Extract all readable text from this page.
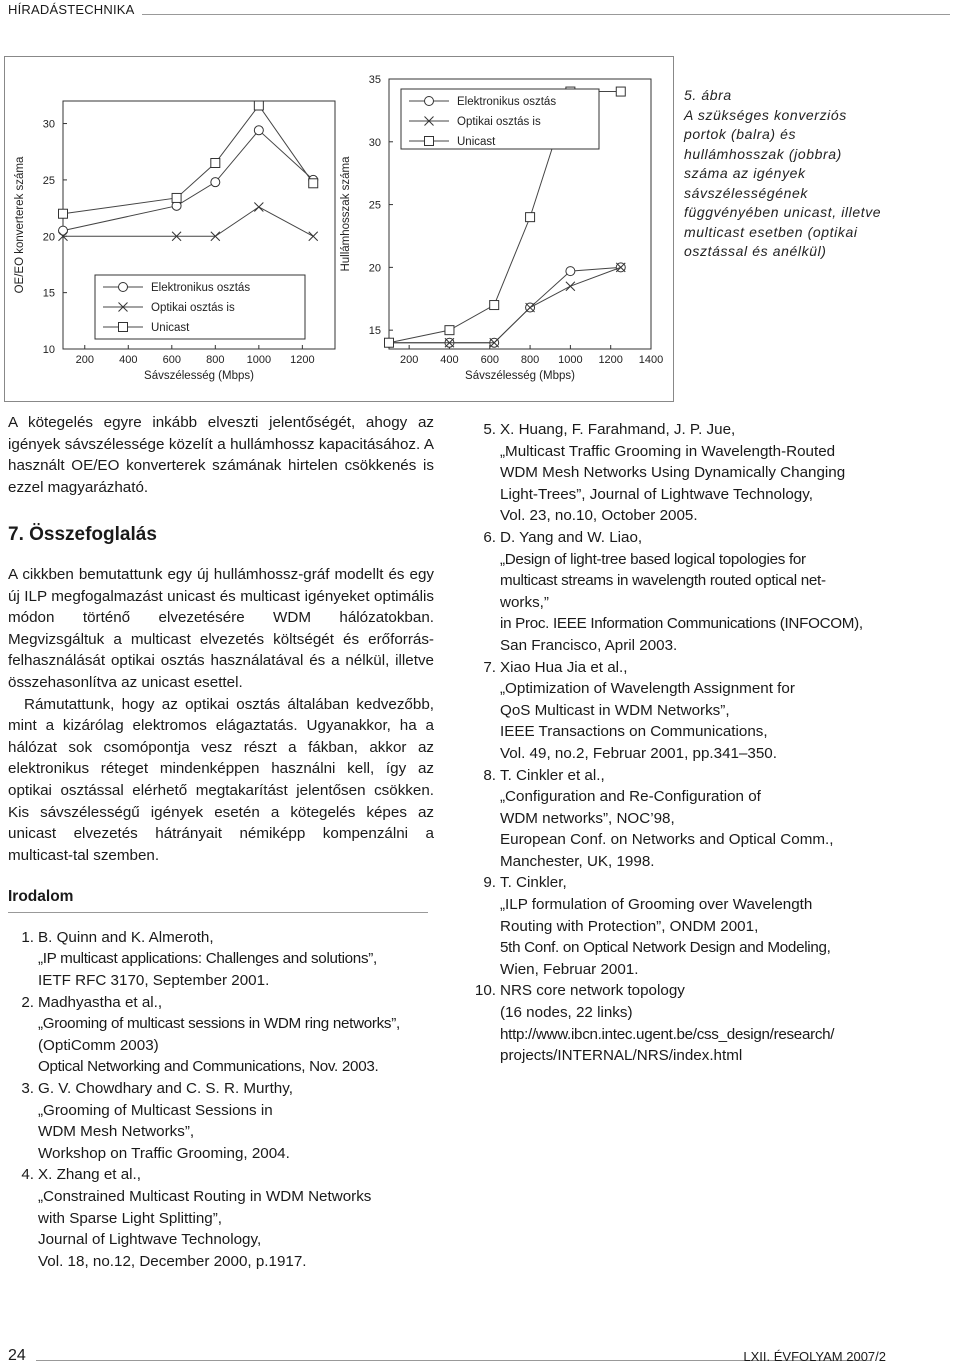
HÍRADÁSTECHNIKA
200 400 600 800 1000 1200
10
15
20
25
30
Sávszélesség (Mbps)
OE/EO konverterek száma	Elektronikus osztás
Optikai osztás is
Unicast
200 400 600 800 1000 1200 1400
15
20
25
30
35
Sávszélesség (Mbps)
Hullámhosszak száma
Elektronikus osztás
Optikai osztás is
Unicast
5. ábra
A szükséges konverziós portok (balra) és hullámhosszak (jobbra) száma az igények sávszélességének függvényében unicast, illetve multicast esetben (optikai osztással és anélkül)

A kötegelés egyre inkább elveszti jelentőségét, ahogy az igények sávszélessége közelít a hullámhossz kapacitásához. A használt OE/EO konverterek számának hirtelen csökkenés is ezzel magyarázható.

7. Összefoglalás

A cikkben bemutattunk egy új hullámhossz-gráf modellt és egy új ILP megfogalmazást unicast és multicast igényeket optimális módon történő elvezetésére WDM hálózatokban. Megvizsgáltuk a multicast elvezetés költségét és erőforrás-felhasználását optikai osztás használatával és a nélkül, illetve összehasonlítva az unicast esettel.

Rámutattunk, hogy az optikai osztás általában kedvezőbb, mint a kizárólag elektromos elágaztatás. Ugyanakkor, ha a hálózat sok csomópontja vesz részt a fákban, akkor az elektronikus réteget mindenképpen használni kell, így az optikai osztással elérhető megtakarítást jelentősen csökken. Kis sávszélességű igények esetén a kötegelés képes az unicast elvezetés hátrányait némiképp kompenzálni a multicast-tal szemben.

Irodalom
1. B. Quinn and K. Almeroth,
„IP multicast applications: Challenges and solutions”,
IETF RFC 3170, September 2001.
2. Madhyastha et al.,
„Grooming of multicast sessions in WDM ring networks”,
(OptiComm 2003)
Optical Networking and Communications, Nov. 2003.
3. G. V. Chowdhary and C. S. R. Murthy,
„Grooming of Multicast Sessions in
WDM Mesh Networks”,
Workshop on Traffic Grooming, 2004.
4. X. Zhang et al.,
„Constrained Multicast Routing in WDM Networks
with Sparse Light Splitting”,
Journal of Lightwave Technology,
Vol. 18, no.12, December 2000, p.1917.
5. X. Huang, F. Farahmand, J. P. Jue,
„Multicast Traffic Grooming in Wavelength-Routed
WDM Mesh Networks Using Dynamically Changing
Light-Trees”, Journal of Lightwave Technology,
Vol. 23, no.10, October 2005.
6. D. Yang and W. Liao,
„Design of light-tree based logical topologies for
multicast streams in wavelength routed optical net-
works,”
in Proc. IEEE Information Communications (INFOCOM),
San Francisco, April 2003.
7. Xiao Hua Jia et al.,
„Optimization of Wavelength Assignment for
QoS Multicast in WDM Networks”,
IEEE Transactions on Communications,
Vol. 49, no.2, Februar 2001, pp.341–350.
8. T. Cinkler et al.,
„Configuration and Re-Configuration of
WDM networks”, NOC’98,
European Conf. on Networks and Optical Comm.,
Manchester, UK, 1998.
9. T. Cinkler,
„ILP formulation of Grooming over Wavelength
Routing with Protection”, ONDM 2001,
5th Conf. on Optical Network Design and Modeling,
Wien, Februar 2001.
10. NRS core network topology
(16 nodes, 22 links)
http://www.ibcn.intec.ugent.be/css_design/research/
projects/INTERNAL/NRS/index.html
24	LXII. ÉVFOLYAM 2007/2
